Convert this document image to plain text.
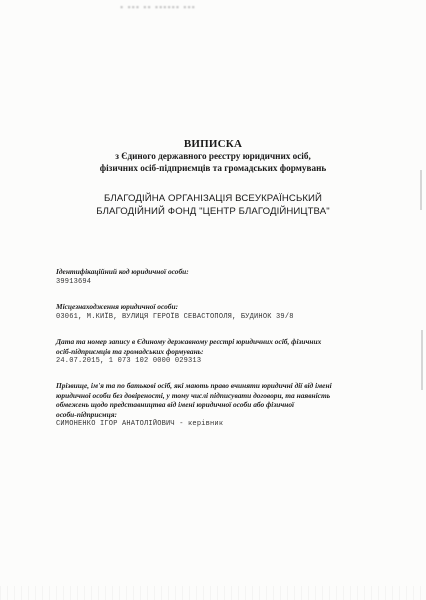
▪ ▪▪▪ ▪▪ ▪▪▪▪▪▪ ▪▪▪
ВИПИСКА
з Єдиного державного реєстру юридичних осіб,
фізичних осіб-підприємців та громадських формувань
БЛАГОДІЙНА ОРГАНІЗАЦІЯ ВСЕУКРАЇНСЬКИЙ
БЛАГОДІЙНИЙ ФОНД "ЦЕНТР БЛАГОДІЙНИЦТВА"
Ідентифікаційний код юридичної особи:
39913694
Місцезнаходження юридичної особи:
03061, М.КИЇВ, ВУЛИЦЯ ГЕРОЇВ СЕВАСТОПОЛЯ, БУДИНОК 39/8
Дата та номер запису в Єдиному державному реєстрі юридичних осіб, фізичних
осіб-підприємців та громадських формувань:
24.07.2015, 1 073 102 0000 029313
Прізвище, ім'я та по батькові осіб, які мають право вчиняти юридичні дії від імені
юридичної особи без довіреності, у тому числі підписувати договори, та наявність
обмежень щодо представництва від імені юридичної особи або фізичної
особи-підприємця:
СИМОНЕНКО ІГОР АНАТОЛІЙОВИЧ - керівник
